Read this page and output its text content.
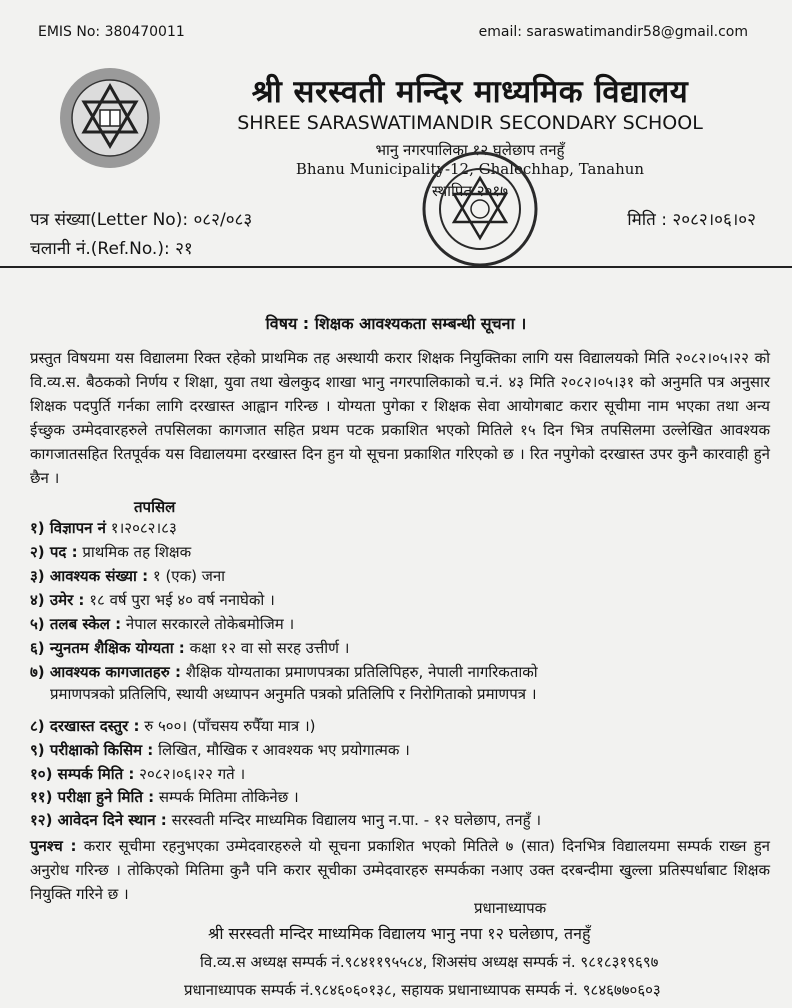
EMIS No: 380470011	email: saraswatimandir58@gmail.com
श्री सरस्वती मन्दिर माध्यमिक विद्यालय
SHREE SARASWATIMANDIR SECONDARY SCHOOL
भानु नगरपालिका १२ घलेछाप तनहुँ
Bhanu Municipality-12, Ghalechhap, Tanahun
स्थापित २०१७
पत्र संख्या(Letter No): ०८२/०८३
चलानी नं.(Ref.No.): २१
मिति : २०८२।०६।०२
विषय : शिक्षक आवश्यकता सम्बन्धी सूचना ।
प्रस्तुत विषयमा यस विद्यालमा रिक्त रहेको प्राथमिक तह अस्थायी करार शिक्षक नियुक्तिका लागि यस विद्यालयको मिति २०८२।०५।२२ को वि.व्य.स. बैठकको निर्णय र शिक्षा, युवा तथा खेलकुद शाखा भानु नगरपालिकाको च.नं. ४३ मिति २०८२।०५।३१ को अनुमति पत्र अनुसार शिक्षक पदपुर्ति गर्नका लागि दरखास्त आह्वान गरिन्छ । योग्यता पुगेका र शिक्षक सेवा आयोगबाट करार सूचीमा नाम भएका तथा अन्य ईच्छुक उम्मेदवारहरुले तपसिलका कागजात सहित प्रथम पटक प्रकाशित भएको मितिले १५ दिन भित्र तपसिलमा उल्लेखित आवश्यक कागजातसहित रितपूर्वक यस विद्यालयमा दरखास्त दिन हुन यो सूचना प्रकाशित गरिएको छ । रित नपुगेको दरखास्त उपर कुनै कारवाही हुने छैन ।
तपसिल
१) विज्ञापन नं १।२०८२।८३
२) पद : प्राथमिक तह शिक्षक
३) आवश्यक संख्या : १ (एक) जना
४) उमेर : १८ वर्ष पुरा भई ४० वर्ष ननाघेको ।
५) तलब स्केल : नेपाल सरकारले तोकेबमोजिम ।
६) न्युनतम शैक्षिक योग्यता : कक्षा १२ वा सो सरह उत्तीर्ण ।
७) आवश्यक कागजातहरु : शैक्षिक योग्यताका प्रमाणपत्रका प्रतिलिपिहरु, नेपाली नागरिकताको
प्रमाणपत्रको प्रतिलिपि, स्थायी अध्यापन अनुमति पत्रको प्रतिलिपि र निरोगिताको प्रमाणपत्र ।
८) दरखास्त दस्तुर : रु ५००। (पाँचसय रुपैँया मात्र ।)
९) परीक्षाको किसिम : लिखित, मौखिक र आवश्यक भए प्रयोगात्मक ।
१०) सम्पर्क मिति : २०८२।०६।२२ गते ।
११) परीक्षा हुने मिति : सम्पर्क मितिमा तोकिनेछ ।
१२) आवेदन दिने स्थान : सरस्वती मन्दिर माध्यमिक विद्यालय भानु न.पा. - १२ घलेछाप, तनहुँ ।
पुनश्च : करार सूचीमा रहनुभएका उम्मेदवारहरुले यो सूचना प्रकाशित भएको मितिले ७ (सात) दिनभित्र विद्यालयमा सम्पर्क राख्न हुन अनुरोध गरिन्छ । तोकिएको मितिमा कुनै पनि करार सूचीका उम्मेदवारहरु सम्पर्कका नआए उक्त दरबन्दीमा खुल्ला प्रतिस्पर्धाबाट शिक्षक नियुक्ति गरिने छ ।
प्रधानाध्यापक
श्री सरस्वती मन्दिर माध्यमिक विद्यालय भानु नपा १२ घलेछाप, तनहुँ
वि.व्य.स अध्यक्ष सम्पर्क नं.९८४११९५५८४, शिअसंघ अध्यक्ष सम्पर्क नं. ९८१८३१९६९७
प्रधानाध्यापक सम्पर्क नं.९८४६०६०१३८, सहायक प्रधानाध्यापक सम्पर्क नं. ९८४६७७०६०३
